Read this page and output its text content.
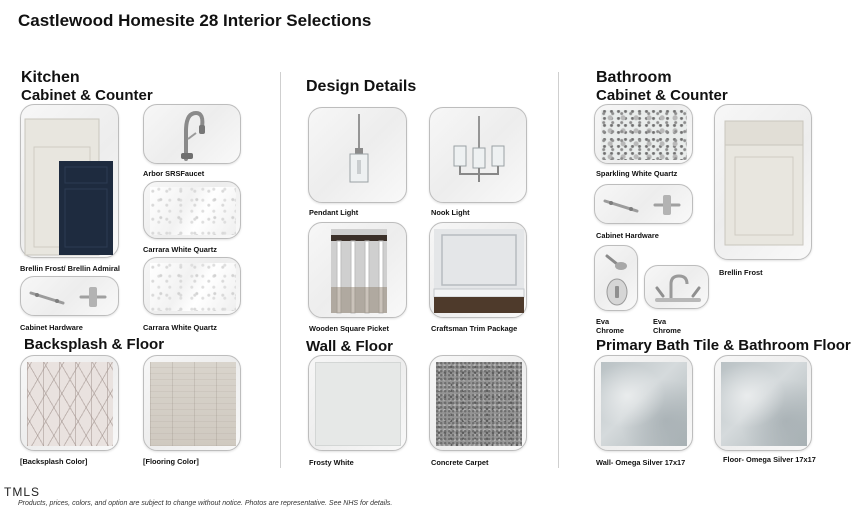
Castlewood Homesite 28 Interior Selections
Kitchen
Cabinet & Counter
Brellin Frost/ Brellin Admiral
Arbor SRSFaucet
Carrara White Quartz
Cabinet Hardware	Carrara White Quartz
Backsplash & Floor
[Backsplash Color]	[Flooring Color]
Design Details
Pendant Light	Nook Light
Wooden Square Picket	Craftsman Trim Package
Wall & Floor
Frosty White	Concrete Carpet
Bathroom
Cabinet & Counter
Sparkling White Quartz
Cabinet Hardware
Brellin Frost
Eva
Chrome
Eva
Chrome
Primary Bath Tile & Bathroom Floor
Wall- Omega Silver 17x17	Floor- Omega Silver 17x17
TMLS
Products, prices, colors, and option are subject to change without notice. Photos are representative. See NHS for details.
